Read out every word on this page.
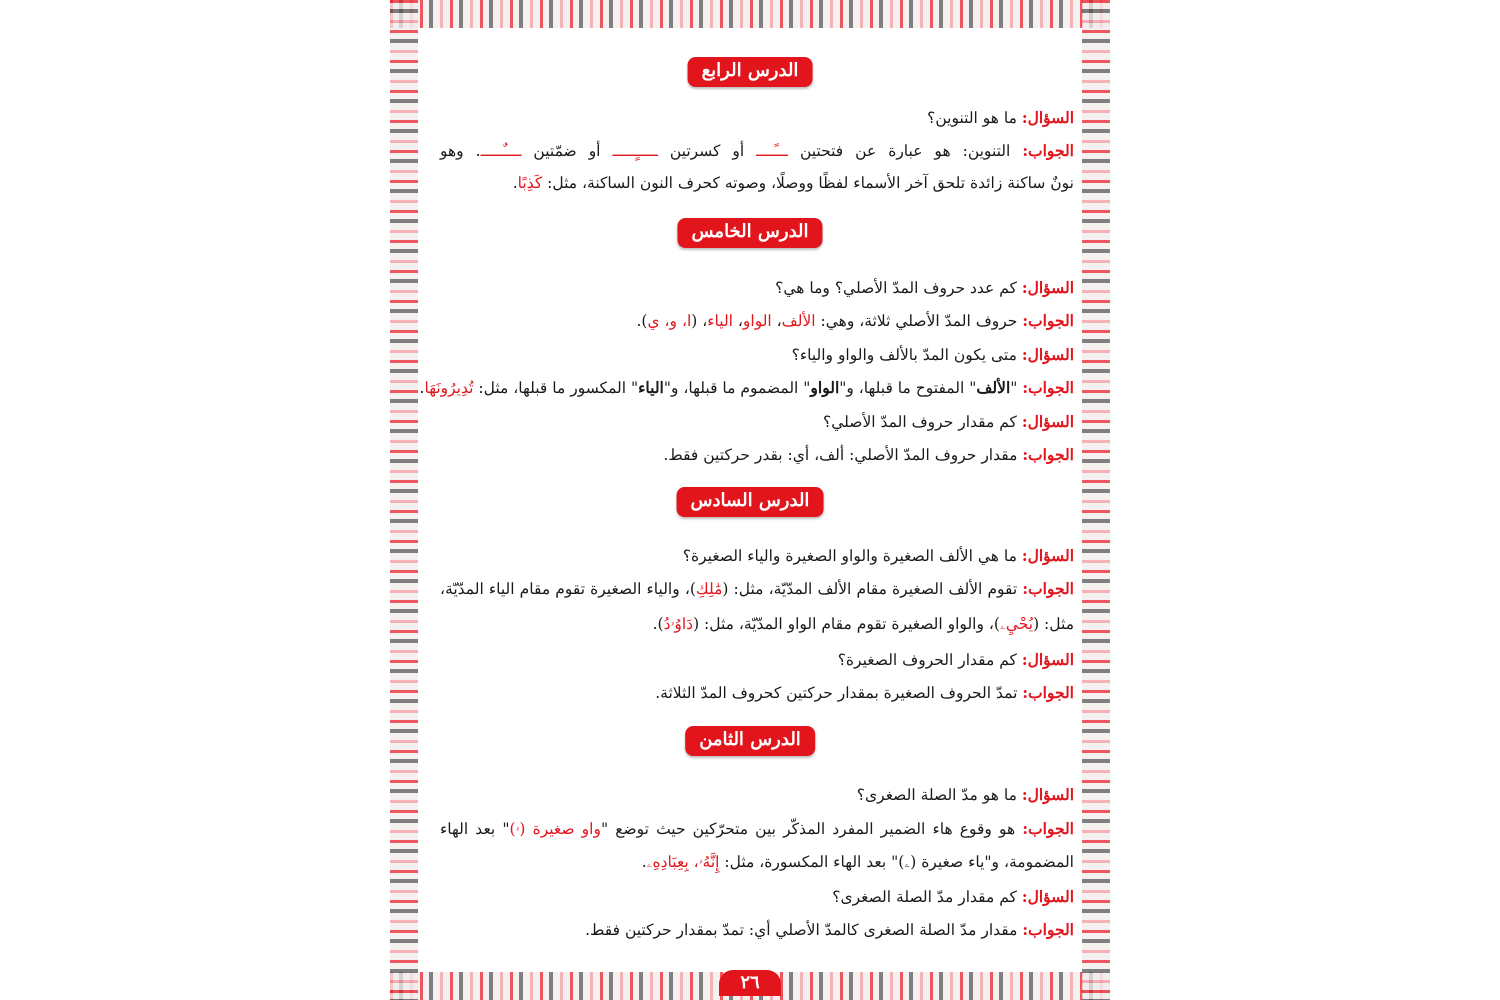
الدرس الرابع
السؤال: ما هو التنوين؟
الجواب: التنوين: هو عبارة عن فتحتين ـــًــــ أو كسرتين ـــــٍـــــ أو ضمّتين ــــٌـــــ. وهو
نونٌ ساكنة زائدة تلحق آخر الأسماء لفظًا ووصلًا، وصوته كحرف النون الساكنة، مثل: كَذِبًا.
الدرس الخامس
السؤال: كم عدد حروف المدّ الأصلي؟ وما هي؟
الجواب: حروف المدّ الأصلي ثلاثة، وهي: الألف، الواو، الياء، (ا، و، ي).
السؤال: متى يكون المدّ بالألف والواو والياء؟
الجواب: "الألف" المفتوح ما قبلها، و"الواو" المضموم ما قبلها، و"الياء" المكسور ما قبلها، مثل: تُدِيرُونَهَا.
السؤال: كم مقدار حروف المدّ الأصلي؟
الجواب: مقدار حروف المدّ الأصلي: ألف، أي: بقدر حركتين فقط.
الدرس السادس
السؤال: ما هي الألف الصغيرة والواو الصغيرة والياء الصغيرة؟
الجواب: تقوم الألف الصغيرة مقام الألف المدّيّة، مثل: (مَٰلِكِ)، والياء الصغيرة تقوم مقام الياء المدّيّة،
مثل: (يُحْيِۦ)، والواو الصغيرة تقوم مقام الواو المدّيّة، مثل: (دَاوُۥدُ).
السؤال: كم مقدار الحروف الصغيرة؟
الجواب: تمدّ الحروف الصغيرة بمقدار حركتين كحروف المدّ الثلاثة.
الدرس الثامن
السؤال: ما هو مدّ الصلة الصغرى؟
الجواب: هو وقوع هاء الضمير المفرد المذكّر بين متحرّكين حيث توضع "واو صغيرة (ۥ)" بعد الهاء
المضمومة، و"ياء صغيرة (ۦ)" بعد الهاء المكسورة، مثل: إِنَّهُۥ، بِعِبَادِهِۦ.
السؤال: كم مقدار مدّ الصلة الصغرى؟
الجواب: مقدار مدّ الصلة الصغرى كالمدّ الأصلي أي: تمدّ بمقدار حركتين فقط.
٢٦
